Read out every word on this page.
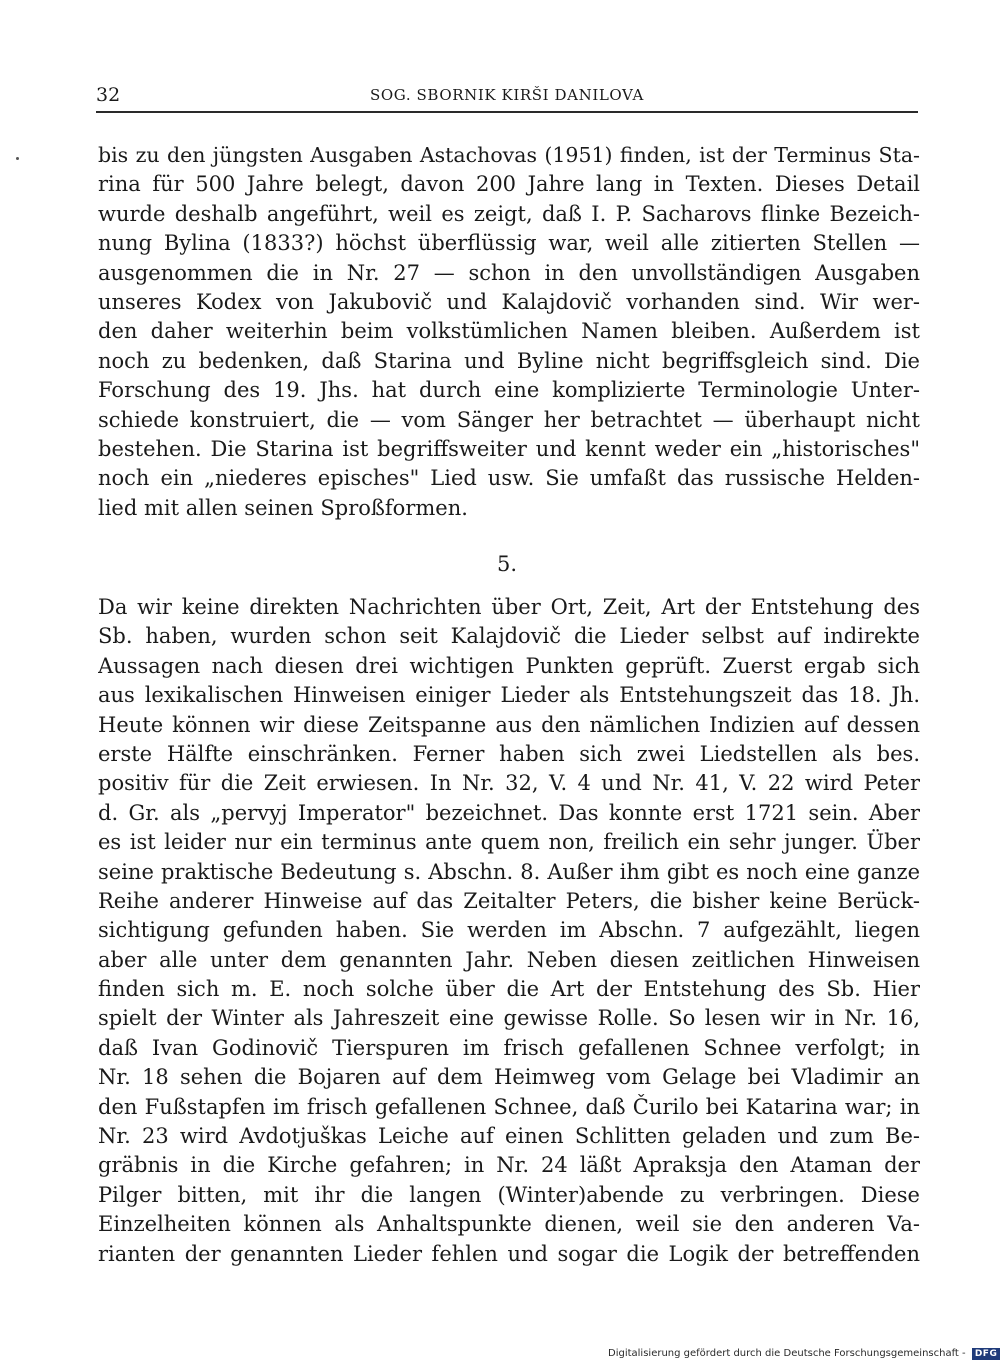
32	SOG. SBORNIK KIRŠI DANILOVA
bis zu den jüngsten Ausgaben Astachovas (1951) finden, ist der Terminus Sta-
rina für 500 Jahre belegt, davon 200 Jahre lang in Texten. Dieses Detail
wurde deshalb angeführt, weil es zeigt, daß I. P. Sacharovs flinke Bezeich-
nung Bylina (1833?) höchst überflüssig war, weil alle zitierten Stellen —
ausgenommen die in Nr. 27 — schon in den unvollständigen Ausgaben
unseres Kodex von Jakubovič und Kalajdovič vorhanden sind. Wir wer-
den daher weiterhin beim volkstümlichen Namen bleiben. Außerdem ist
noch zu bedenken, daß Starina und Byline nicht begriffsgleich sind. Die
Forschung des 19. Jhs. hat durch eine komplizierte Terminologie Unter-
schiede konstruiert, die — vom Sänger her betrachtet — überhaupt nicht
bestehen. Die Starina ist begriffsweiter und kennt weder ein „historisches"
noch ein „niederes episches" Lied usw. Sie umfaßt das russische Helden-
lied mit allen seinen Sproßformen.
5.
Da wir keine direkten Nachrichten über Ort, Zeit, Art der Entstehung des
Sb. haben, wurden schon seit Kalajdovič die Lieder selbst auf indirekte
Aussagen nach diesen drei wichtigen Punkten geprüft. Zuerst ergab sich
aus lexikalischen Hinweisen einiger Lieder als Entstehungszeit das 18. Jh.
Heute können wir diese Zeitspanne aus den nämlichen Indizien auf dessen
erste Hälfte einschränken. Ferner haben sich zwei Liedstellen als bes.
positiv für die Zeit erwiesen. In Nr. 32, V. 4 und Nr. 41, V. 22 wird Peter
d. Gr. als „pervyj Imperator" bezeichnet. Das konnte erst 1721 sein. Aber
es ist leider nur ein terminus ante quem non, freilich ein sehr junger. Über
seine praktische Bedeutung s. Abschn. 8. Außer ihm gibt es noch eine ganze
Reihe anderer Hinweise auf das Zeitalter Peters, die bisher keine Berück-
sichtigung gefunden haben. Sie werden im Abschn. 7 aufgezählt, liegen
aber alle unter dem genannten Jahr. Neben diesen zeitlichen Hinweisen
finden sich m. E. noch solche über die Art der Entstehung des Sb. Hier
spielt der Winter als Jahreszeit eine gewisse Rolle. So lesen wir in Nr. 16,
daß Ivan Godinovič Tierspuren im frisch gefallenen Schnee verfolgt; in
Nr. 18 sehen die Bojaren auf dem Heimweg vom Gelage bei Vladimir an
den Fußstapfen im frisch gefallenen Schnee, daß Čurilo bei Katarina war; in
Nr. 23 wird Avdotjuškas Leiche auf einen Schlitten geladen und zum Be-
gräbnis in die Kirche gefahren; in Nr. 24 läßt Apraksja den Ataman der
Pilger bitten, mit ihr die langen (Winter)abende zu verbringen. Diese
Einzelheiten können als Anhaltspunkte dienen, weil sie den anderen Va-
rianten der genannten Lieder fehlen und sogar die Logik der betreffenden
Digitalisierung gefördert durch die Deutsche Forschungsgemeinschaft - DFG
